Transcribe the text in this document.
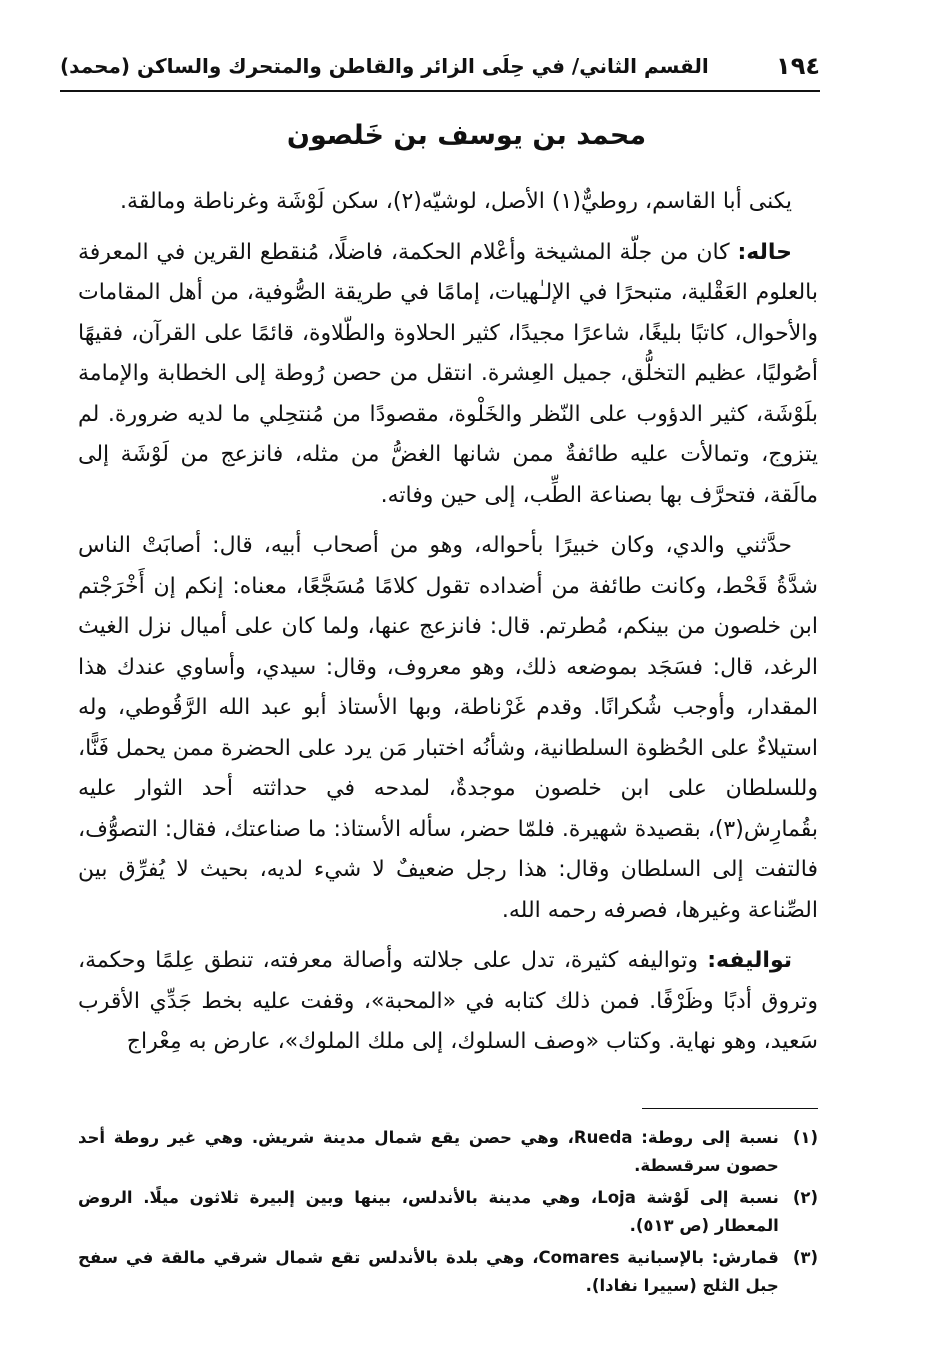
١٩٤
القسم الثاني/ في حِلَى الزائر والقاطن والمتحرك والساكن (محمد)
محمد بن يوسف بن خَلصون

يكنى أبا القاسم، روطيٌّ(١) الأصل، لوشيّه(٢)، سكن لَوْشَة وغرناطة ومالقة.

حاله: كان من جلّة المشيخة وأعْلام الحكمة، فاضلًا، مُنقطع القرين في المعرفة بالعلوم العَقْلية، متبحرًا في الإلـٰهيات، إمامًا في طريقة الصُّوفية، من أهل المقامات والأحوال، كاتبًا بليغًا، شاعرًا مجيدًا، كثير الحلاوة والطّلاوة، قائمًا على القرآن، فقيهًا أصُوليًا، عظيم التخلُّق، جميل العِشرة. انتقل من حصن رُوطة إلى الخطابة والإمامة بلَوْشَة، كثير الدؤوب على النّظر والخَلْوة، مقصودًا من مُنتحِلي ما لديه ضرورة. لم يتزوج، وتمالأت عليه طائفةٌ ممن شانها الغضُّ من مثله، فانزعج من لَوْشَة إلى مالَقة، فتحرَّف بها بصناعة الطِّب، إلى حين وفاته.

حدَّثني والدي، وكان خبيرًا بأحواله، وهو من أصحاب أبيه، قال: أصابَتْ الناس شدَّةُ قَحْط، وكانت طائفة من أضداده تقول كلامًا مُسَجَّعًا، معناه: إنكم إن أَخْرَجْتم ابن خلصون من بينكم، مُطرتم. قال: فانزعج عنها، ولما كان على أميال نزل الغيث الرغد، قال: فسَجَد بموضعه ذلك، وهو معروف، وقال: سيدي، وأساوي عندك هذا المقدار، وأوجب شُكرانًا. وقدم غَرْناطة، وبها الأستاذ أبو عبد الله الرَّقُوطي، وله استيلاءٌ على الحُظوة السلطانية، وشأنُه اختبار مَن يرد على الحضرة ممن يحمل فَنًّا، وللسلطان على ابن خلصون موجدةٌ، لمدحه في حداثته أحد الثوار عليه بقُمارِش(٣)، بقصيدة شهيرة. فلمّا حضر، سأله الأستاذ: ما صناعتك، فقال: التصوُّف، فالتفت إلى السلطان وقال: هذا رجل ضعيفٌ لا شيء لديه، بحيث لا يُفرِّق بين الصِّناعة وغيرها، فصرفه رحمه الله.

تواليفه: وتواليفه كثيرة، تدل على جلالته وأصالة معرفته، تنطق عِلمًا وحكمة، وتروق أدبًا وظَرْفًا. فمن ذلك كتابه في «المحبة»، وقفت عليه بخط جَدِّي الأقرب سَعيد، وهو نهاية. وكتاب «وصف السلوك، إلى ملك الملوك»، عارض به مِعْراج

(١)
نسبة إلى روطة: Rueda، وهي حصن يقع شمال مدينة شريش. وهي غير روطة أحد حصون سرقسطة.
(٢)
نسبة إلى لَوْشة Loja، وهي مدينة بالأندلس، بينها وبين إلبيرة ثلاثون ميلًا. الروض المعطار (ص ٥١٣).
(٣)
قمارش: بالإسبانية Comares، وهي بلدة بالأندلس تقع شمال شرقي مالقة في سفح جبل الثلج (سييرا نفادا).
